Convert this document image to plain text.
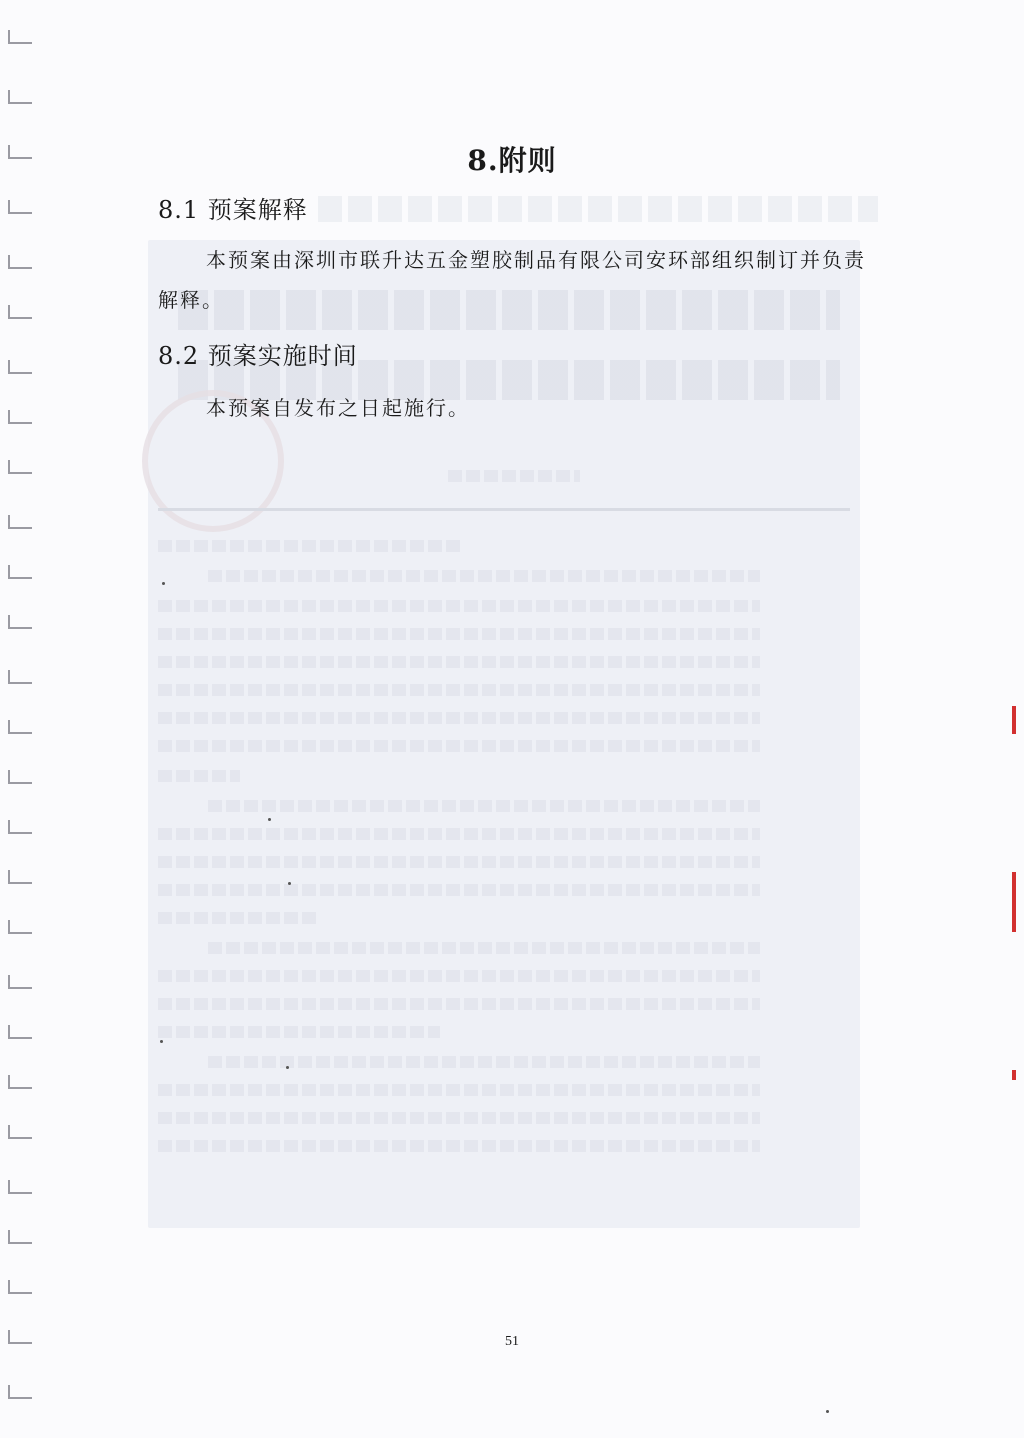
8.附则
8.1 预案解释
本预案由深圳市联升达五金塑胶制品有限公司安环部组织制订并负责解释。
8.2 预案实施时间
本预案自发布之日起施行。
51
